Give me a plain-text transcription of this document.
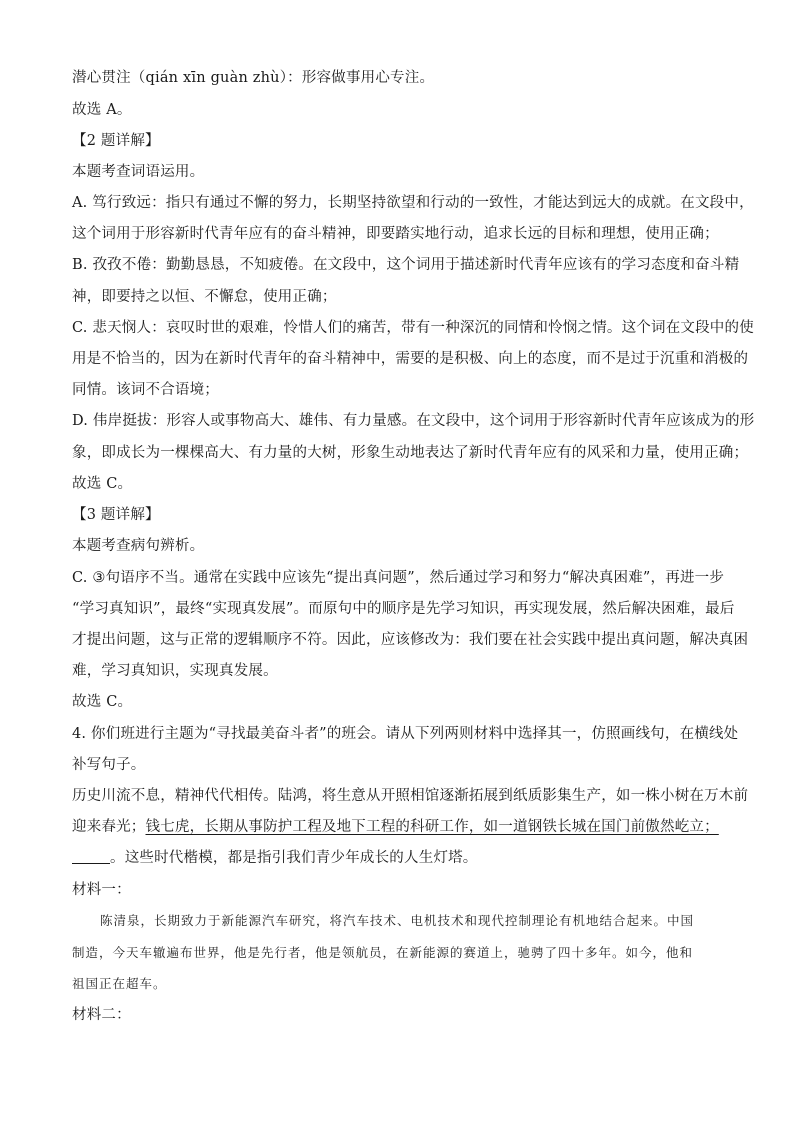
潜心贯注（qián xīn guàn zhù）：形容做事用心专注。
故选 A。
【2 题详解】
本题考查词语运用。
A. 笃行致远：指只有通过不懈的努力，长期坚持欲望和行动的一致性，才能达到远大的成就。在文段中，
这个词用于形容新时代青年应有的奋斗精神，即要踏实地行动，追求长远的目标和理想，使用正确；
B. 孜孜不倦：勤勤恳恳，不知疲倦。在文段中，这个词用于描述新时代青年应该有的学习态度和奋斗精
神，即要持之以恒、不懈怠，使用正确；
C. 悲天悯人：哀叹时世的艰难，怜惜人们的痛苦，带有一种深沉的同情和怜悯之情。这个词在文段中的使
用是不恰当的，因为在新时代青年的奋斗精神中，需要的是积极、向上的态度，而不是过于沉重和消极的
同情。该词不合语境；
D. 伟岸挺拔：形容人或事物高大、雄伟、有力量感。在文段中，这个词用于形容新时代青年应该成为的形
象，即成长为一棵棵高大、有力量的大树，形象生动地表达了新时代青年应有的风采和力量，使用正确；
故选 C。
【3 题详解】
本题考查病句辨析。
C. ③句语序不当。通常在实践中应该先“提出真问题”，然后通过学习和努力“解决真困难”，再进一步
“学习真知识”，最终“实现真发展”。而原句中的顺序是先学习知识，再实现发展，然后解决困难，最后
才提出问题，这与正常的逻辑顺序不符。因此，应该修改为：我们要在社会实践中提出真问题，解决真困
难，学习真知识，实现真发展。
故选 C。
4. 你们班进行主题为“寻找最美奋斗者”的班会。请从下列两则材料中选择其一，仿照画线句，在横线处
补写句子。
历史川流不息，精神代代相传。陆鸿，将生意从开照相馆逐渐拓展到纸质影集生产，如一株小树在万木前
迎来春光；钱七虎，长期从事防护工程及地下工程的科研工作，如一道钢铁长城在国门前傲然屹立；
。这些时代楷模，都是指引我们青少年成长的人生灯塔。
材料一：
陈清泉，长期致力于新能源汽车研究，将汽车技术、电机技术和现代控制理论有机地结合起来。中国
制造，今天车辙遍布世界，他是先行者，他是领航员，在新能源的赛道上，驰骋了四十多年。如今，他和
祖国正在超车。
材料二：
